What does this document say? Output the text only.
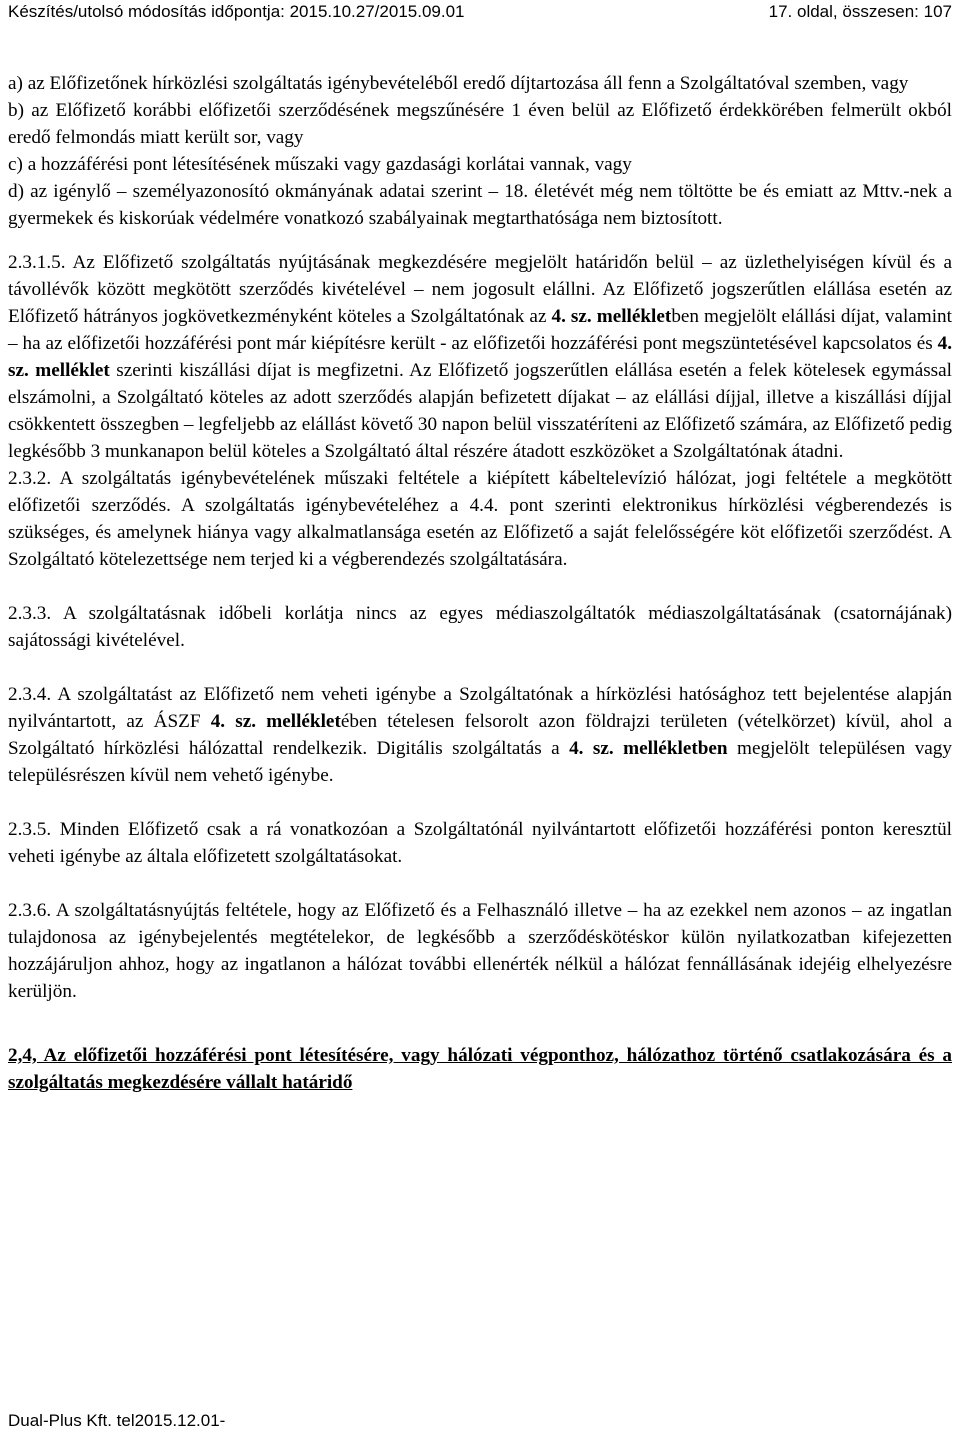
Készítés/utolsó módosítás időpontja: 2015.10.27/2015.09.01	17. oldal, összesen: 107

a) az Előfizetőnek hírközlési szolgáltatás igénybevételéből eredő díjtartozása áll fenn a Szolgáltatóval szemben, vagy

b) az Előfizető korábbi előfizetői szerződésének megszűnésére 1 éven belül az Előfizető érdekkörében felmerült okból eredő felmondás miatt került sor, vagy

c) a hozzáférési pont létesítésének műszaki vagy gazdasági korlátai vannak, vagy

d) az igénylő – személyazonosító okmányának adatai szerint – 18. életévét még nem töltötte be és emiatt az Mttv.-nek a gyermekek és kiskorúak védelmére vonatkozó szabályainak megtarthatósága nem biztosított.

2.3.1.5. Az Előfizető szolgáltatás nyújtásának megkezdésére megjelölt határidőn belül – az üzlethelyiségen kívül és a távollévők között megkötött szerződés kivételével – nem jogosult elállni. Az Előfizető jogszerűtlen elállása esetén az Előfizető hátrányos jogkövetkezményként köteles a Szolgáltatónak az 4. sz. mellékletben megjelölt elállási díjat, valamint – ha az előfizetői hozzáférési pont már kiépítésre került - az előfizetői hozzáférési pont megszüntetésével kapcsolatos és 4. sz. melléklet szerinti kiszállási díjat is megfizetni. Az Előfizető jogszerűtlen elállása esetén a felek kötelesek egymással elszámolni, a Szolgáltató köteles az adott szerződés alapján befizetett díjakat – az elállási díjjal, illetve a kiszállási díjjal csökkentett összegben – legfeljebb az elállást követő 30 napon belül visszatéríteni az Előfizető számára, az Előfizető pedig legkésőbb 3 munkanapon belül köteles a Szolgáltató által részére átadott eszközöket a Szolgáltatónak átadni.

2.3.2. A szolgáltatás igénybevételének műszaki feltétele a kiépített kábeltelevízió hálózat, jogi feltétele a megkötött előfizetői szerződés. A szolgáltatás igénybevételéhez a 4.4. pont szerinti elektronikus hírközlési végberendezés is szükséges, és amelynek hiánya vagy alkalmatlansága esetén az Előfizető a saját felelősségére köt előfizetői szerződést. A Szolgáltató kötelezettsége nem terjed ki a végberendezés szolgáltatására.

2.3.3. A szolgáltatásnak időbeli korlátja nincs az egyes médiaszolgáltatók médiaszolgáltatásának (csatornájának) sajátossági kivételével.

2.3.4. A szolgáltatást az Előfizető nem veheti igénybe a Szolgáltatónak a hírközlési hatósághoz tett bejelentése alapján nyilvántartott, az ÁSZF 4. sz. mellékletében tételesen felsorolt azon földrajzi területen (vételkörzet) kívül, ahol a Szolgáltató hírközlési hálózattal rendelkezik. Digitális szolgáltatás a 4. sz. mellékletben megjelölt településen vagy településrészen kívül nem vehető igénybe.

2.3.5. Minden Előfizető csak a rá vonatkozóan a Szolgáltatónál nyilvántartott előfizetői hozzáférési ponton keresztül veheti igénybe az általa előfizetett szolgáltatásokat.

2.3.6. A szolgáltatásnyújtás feltétele, hogy az Előfizető és a Felhasználó illetve – ha az ezekkel nem azonos – az ingatlan tulajdonosa az igénybejelentés megtételekor, de legkésőbb a szerződéskötéskor külön nyilatkozatban kifejezetten hozzájáruljon ahhoz, hogy az ingatlanon a hálózat további ellenérték nélkül a hálózat fennállásának idejéig elhelyezésre kerüljön.

2,4, Az előfizetői hozzáférési pont létesítésére, vagy hálózati végponthoz, hálózathoz történő csatlakozására és a szolgáltatás megkezdésére vállalt határidő

Dual-Plus Kft. tel2015.12.01-
